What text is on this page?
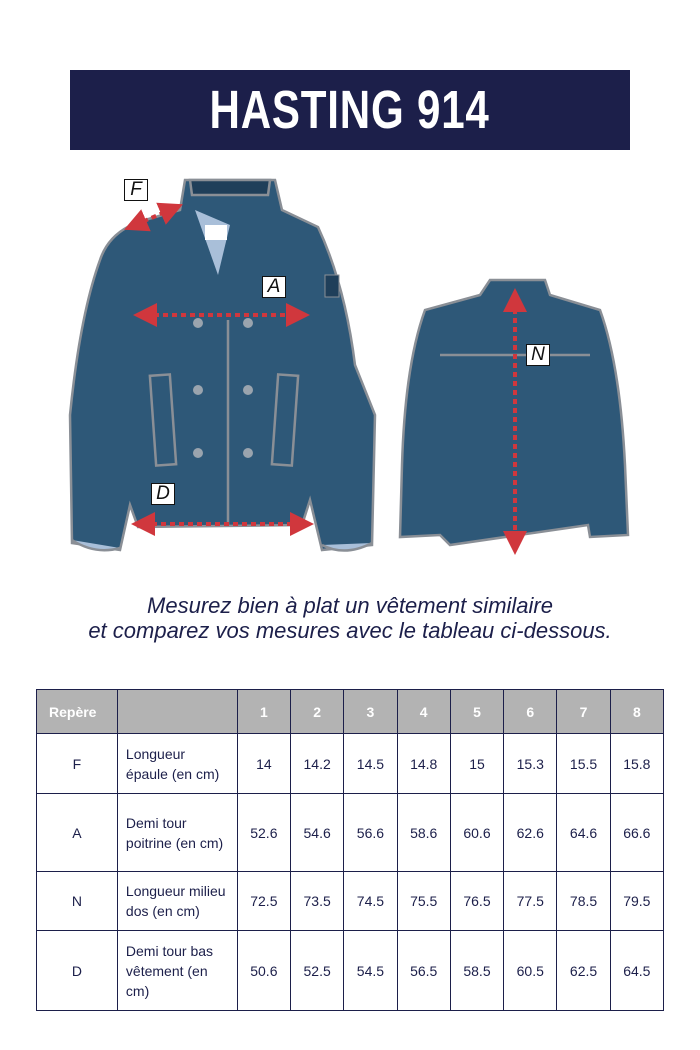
HASTING 914
F
A
D
N
Mesurez bien à plat un vêtement similaire
et comparez vos mesures avec le tableau ci-dessous.
Repère		1	2	3	4	5	6	7	8
F	Longueur épaule (en cm)	14	14.2	14.5	14.8	15	15.3	15.5	15.8
A	Demi tour poitrine (en cm)	52.6	54.6	56.6	58.6	60.6	62.6	64.6	66.6
N	Longueur milieu dos (en cm)	72.5	73.5	74.5	75.5	76.5	77.5	78.5	79.5
D	Demi tour bas vêtement (en cm)	50.6	52.5	54.5	56.5	58.5	60.5	62.5	64.5
